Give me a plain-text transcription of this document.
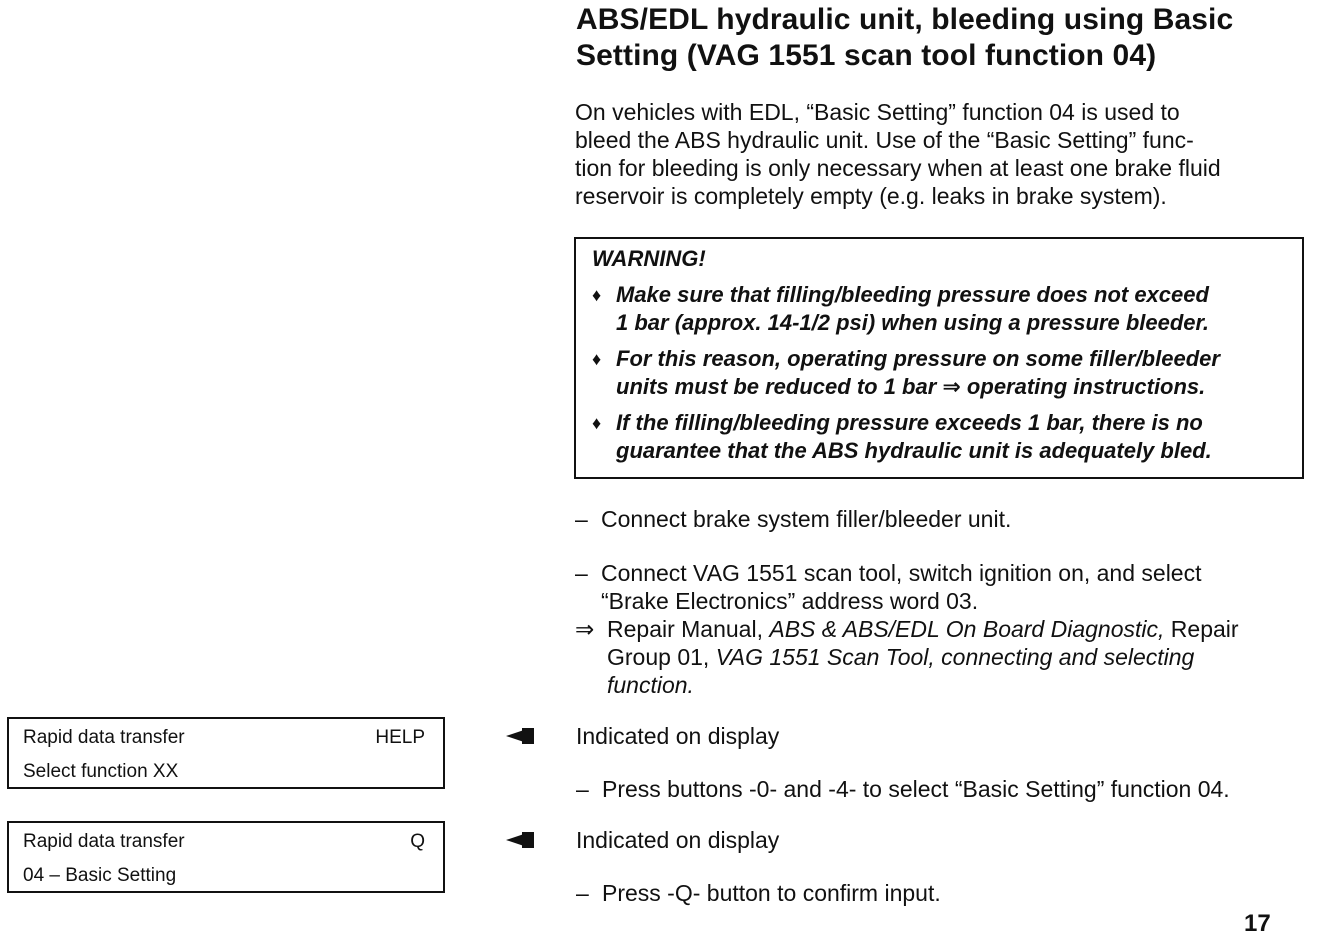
ABS/EDL hydraulic unit, bleeding using Basic
Setting (VAG 1551 scan tool function 04)
On vehicles with EDL, “Basic Setting” function 04 is used to
bleed the ABS hydraulic unit. Use of the “Basic Setting” func-
tion for bleeding is only necessary when at least one brake fluid
reservoir is completely empty (e.g. leaks in brake system).
WARNING!
♦ Make sure that filling/bleeding pressure does not exceed
1 bar (approx. 14-1/2 psi) when using a pressure bleeder.
♦ For this reason, operating pressure on some filler/bleeder
units must be reduced to 1 bar ⇒ operating instructions.
♦ If the filling/bleeding pressure exceeds 1 bar, there is no
guarantee that the ABS hydraulic unit is adequately bled.
– Connect brake system filler/bleeder unit.
– Connect VAG 1551 scan tool, switch ignition on, and select
“Brake Electronics” address word 03.
⇒ Repair Manual, ABS & ABS/EDL On Board Diagnostic, Repair
Group 01, VAG 1551 Scan Tool, connecting and selecting
function.
Rapid data transfer	HELP
Select function XX
Indicated on display
– Press buttons -0- and -4- to select “Basic Setting” function 04.
Rapid data transfer	Q
04 – Basic Setting
Indicated on display
– Press -Q- button to confirm input.
17
